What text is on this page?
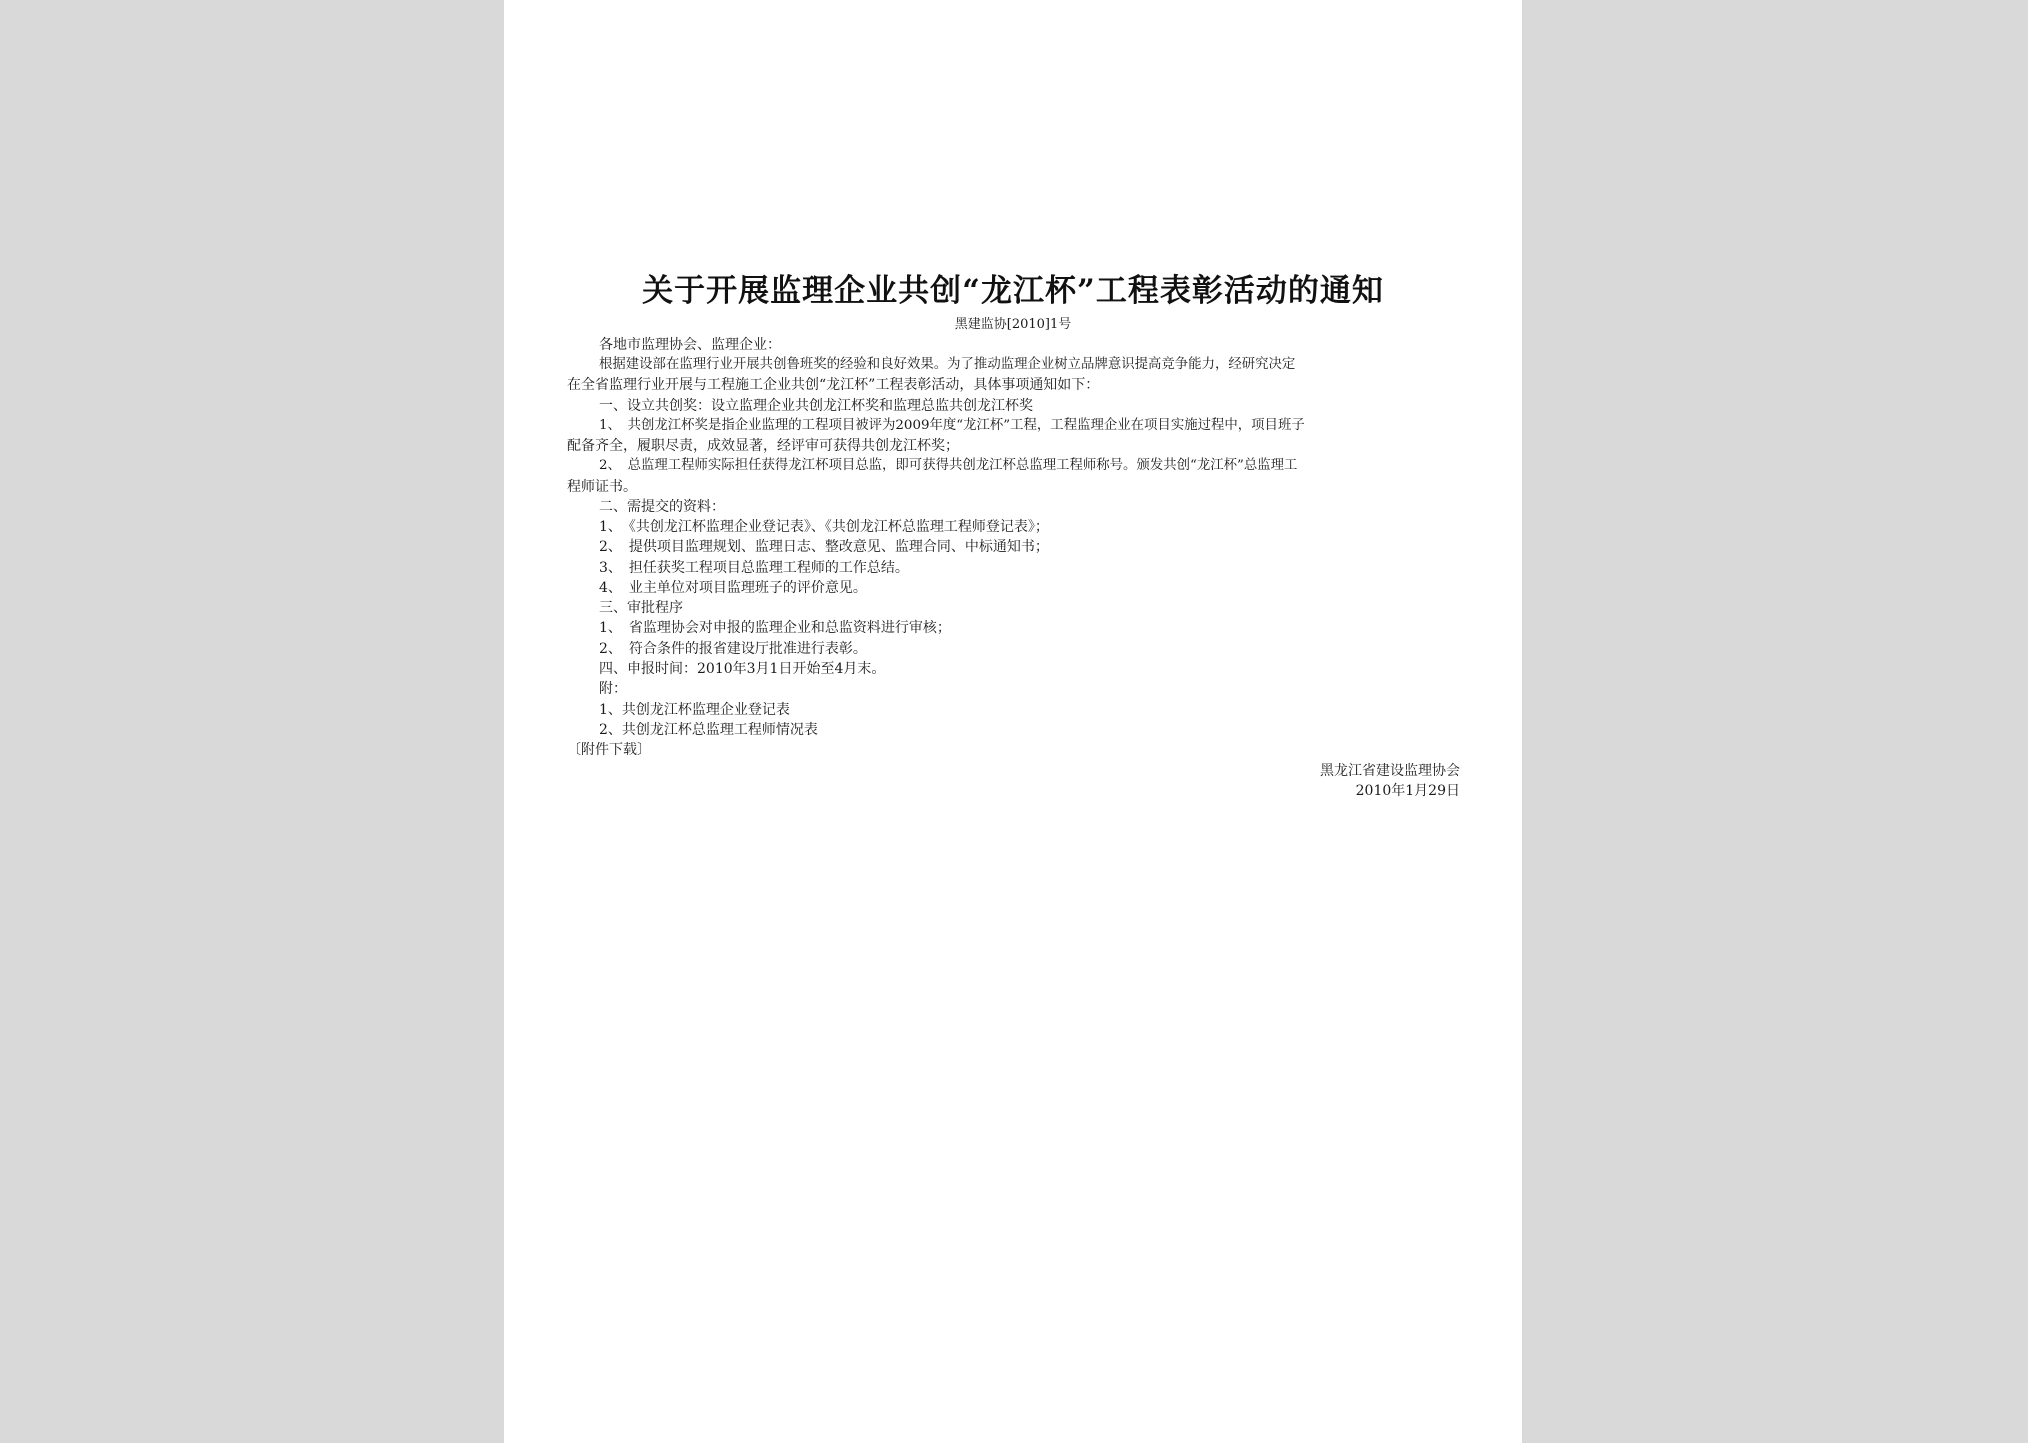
关于开展监理企业共创“龙江杯”工程表彰活动的通知
黑建监协[2010]1号
各地市监理协会、监理企业：
根据建设部在监理行业开展共创鲁班奖的经验和良好效果。为了推动监理企业树立品牌意识提高竞争能力，经研究决定
在全省监理行业开展与工程施工企业共创“龙江杯”工程表彰活动，具体事项通知如下：
一、设立共创奖：设立监理企业共创龙江杯奖和监理总监共创龙江杯奖
1、　共创龙江杯奖是指企业监理的工程项目被评为2009年度“龙江杯”工程，工程监理企业在项目实施过程中，项目班子
配备齐全，履职尽责，成效显著，经评审可获得共创龙江杯奖；
2、　总监理工程师实际担任获得龙江杯项目总监，即可获得共创龙江杯总监理工程师称号。颁发共创“龙江杯”总监理工
程师证书。
二、需提交的资料：
1、　《共创龙江杯监理企业登记表》、《共创龙江杯总监理工程师登记表》；
2、　提供项目监理规划、监理日志、整改意见、监理合同、中标通知书；
3、　担任获奖工程项目总监理工程师的工作总结。
4、　业主单位对项目监理班子的评价意见。
三、审批程序
1、　省监理协会对申报的监理企业和总监资料进行审核；
2、　符合条件的报省建设厅批准进行表彰。
四、申报时间：2010年3月1日开始至4月末。
附：
1、共创龙江杯监理企业登记表
2、共创龙江杯总监理工程师情况表
〔附件下载〕
黑龙江省建设监理协会
2010年1月29日
